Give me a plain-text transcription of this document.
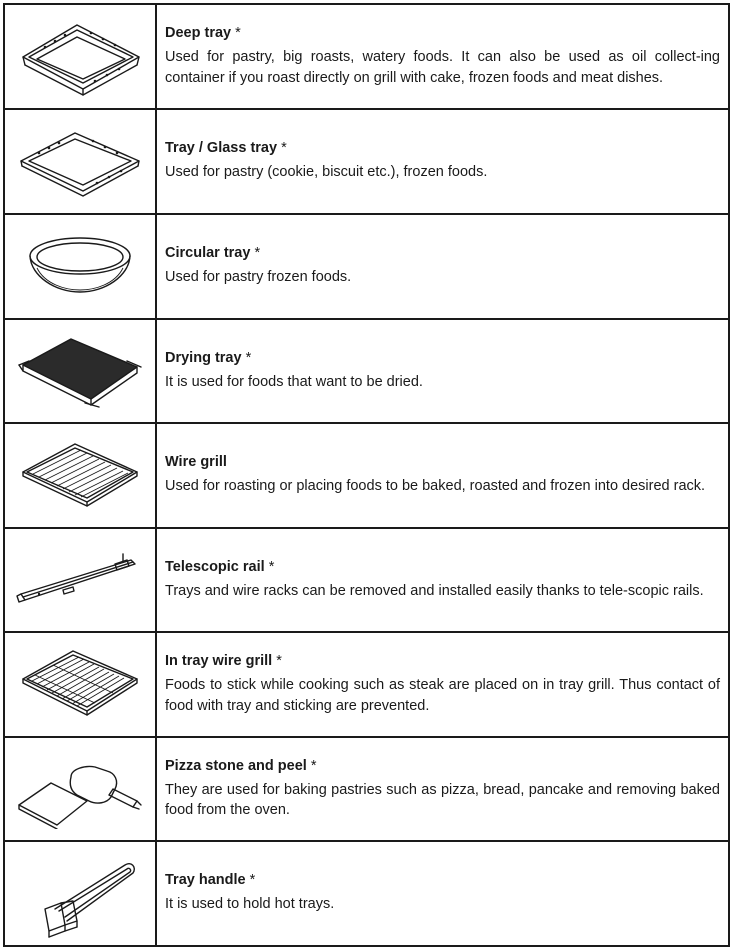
Deep tray *
Used for pastry, big roasts, watery foods. It can also be used as oil collect-ing container if you roast directly on grill with cake, frozen foods and meat dishes.

Tray / Glass tray *
Used for pastry (cookie, biscuit etc.), frozen foods.

Circular tray *
Used for pastry frozen foods.

Drying tray *
It is used for foods that want to be dried.

Wire grill
Used for roasting or placing foods to be baked, roasted and frozen into desired rack.

Telescopic rail *
Trays and wire racks can be removed and installed easily thanks to tele-scopic rails.

In tray wire grill *
Foods to stick while cooking such as steak are placed on in tray grill. Thus contact of food with tray and sticking are prevented.

Pizza stone and peel *
They are used for baking pastries such as pizza, bread, pancake and removing baked food from the oven.

Tray handle *
It is used to hold hot trays.
